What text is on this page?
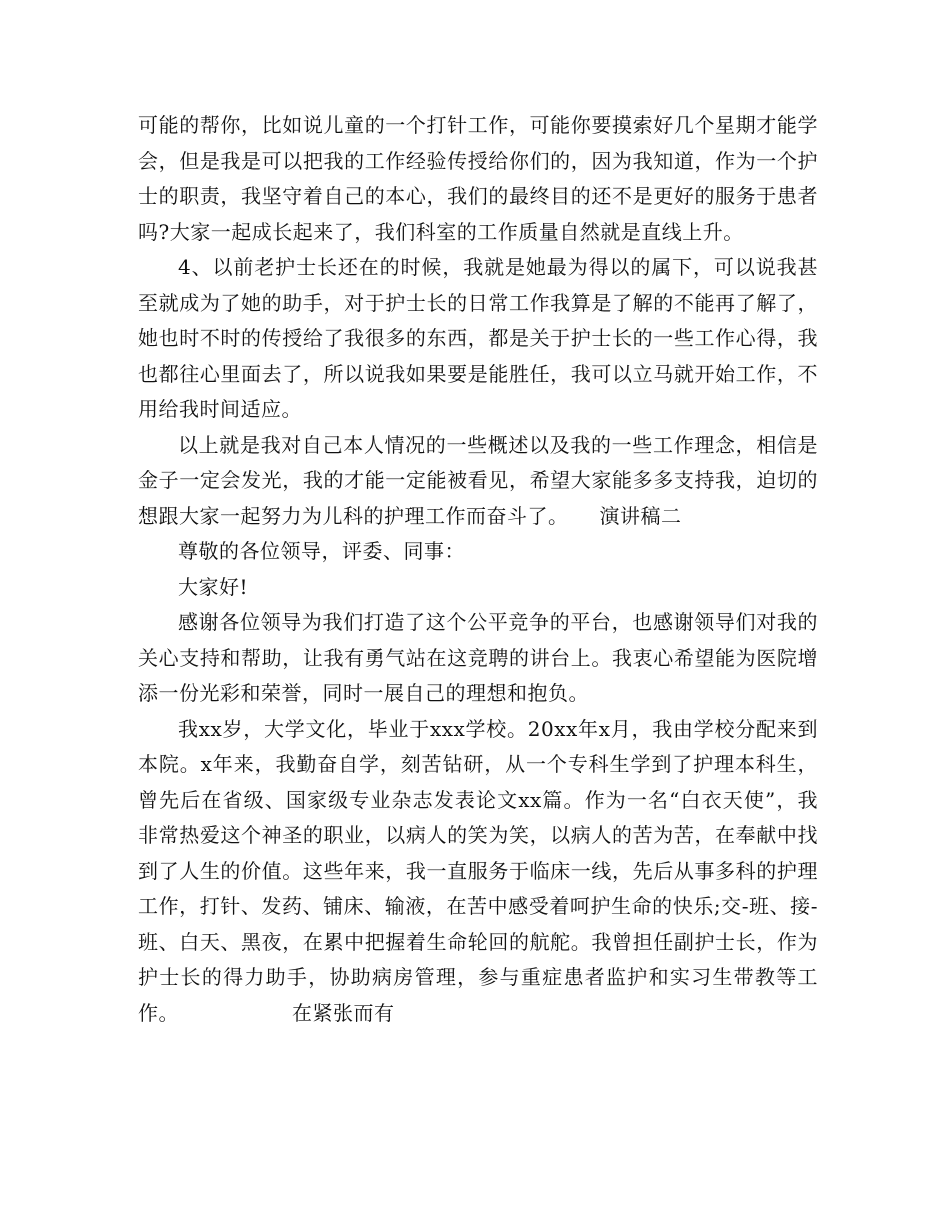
可能的帮你，比如说儿童的一个打针工作，可能你要摸索好几个星期才能学会，但是我是可以把我的工作经验传授给你们的，因为我知道，作为一个护士的职责，我坚守着自己的本心，我们的最终目的还不是更好的服务于患者吗?大家一起成长起来了，我们科室的工作质量自然就是直线上升。

4、以前老护士长还在的时候，我就是她最为得以的属下，可以说我甚至就成为了她的助手，对于护士长的日常工作我算是了解的不能再了解了，她也时不时的传授给了我很多的东西，都是关于护士长的一些工作心得，我也都往心里面去了，所以说我如果要是能胜任，我可以立马就开始工作，不用给我时间适应。

以上就是我对自己本人情况的一些概述以及我的一些工作理念，相信是金子一定会发光，我的才能一定能被看见，希望大家能多多支持我，迫切的想跟大家一起努力为儿科的护理工作而奋斗了。　　演讲稿二

尊敬的各位领导，评委、同事：

大家好!

感谢各位领导为我们打造了这个公平竞争的平台，也感谢领导们对我的关心支持和帮助，让我有勇气站在这竞聘的讲台上。我衷心希望能为医院增添一份光彩和荣誉，同时一展自己的理想和抱负。

我xx岁，大学文化，毕业于xxx学校。20xx年x月，我由学校分配来到本院。x年来，我勤奋自学，刻苦钻研，从一个专科生学到了护理本科生，曾先后在省级、国家级专业杂志发表论文xx篇。作为一名“白衣天使”，我非常热爱这个神圣的职业，以病人的笑为笑，以病人的苦为苦，在奉献中找到了人生的价值。这些年来，我一直服务于临床一线，先后从事多科的护理工作，打针、发药、铺床、输液，在苦中感受着呵护生命的快乐;交-班、接-班、白天、黑夜，在累中把握着生命轮回的航舵。我曾担任副护士长，作为护士长的得力助手，协助病房管理，参与重症患者监护和实习生带教等工作。　　　　　　在紧张而有
